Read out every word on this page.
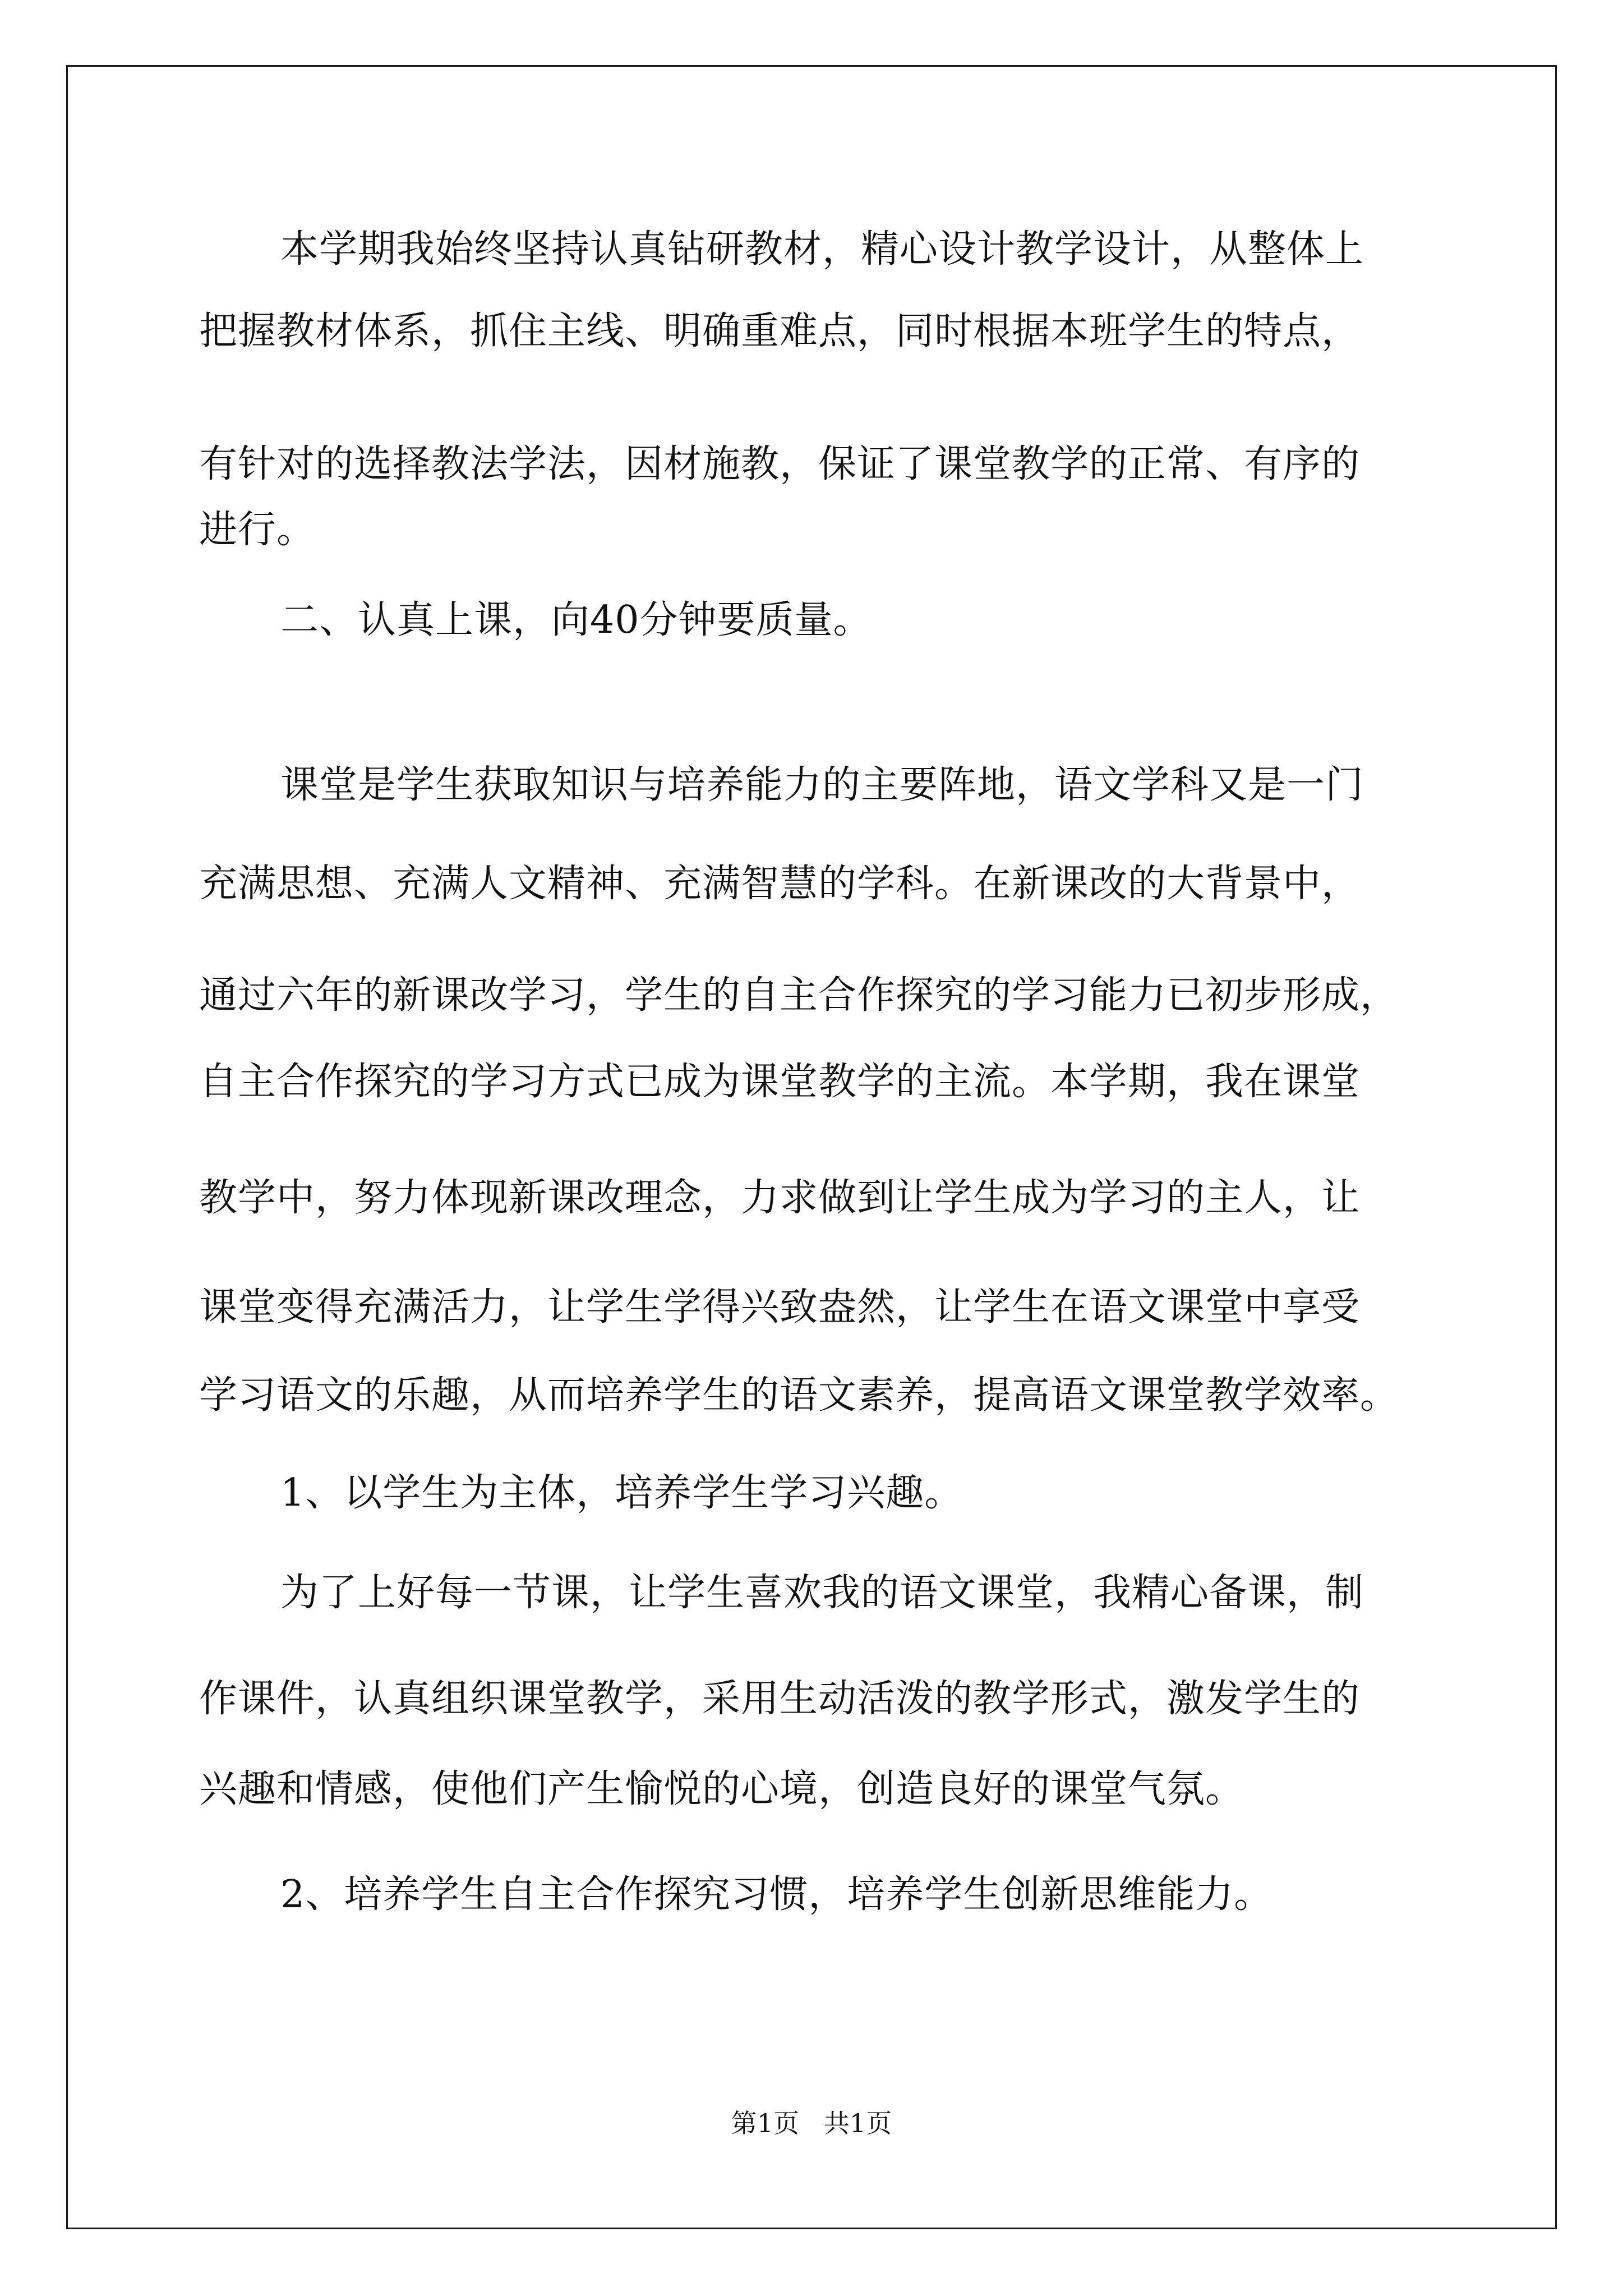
本学期我始终坚持认真钻研教材，精心设计教学设计，从整体上
把握教材体系，抓住主线、明确重难点，同时根据本班学生的特点，
有针对的选择教法学法，因材施教，保证了课堂教学的正常、有序的
进行。
二、认真上课，向40分钟要质量。
课堂是学生获取知识与培养能力的主要阵地，语文学科又是一门
充满思想、充满人文精神、充满智慧的学科。在新课改的大背景中，
通过六年的新课改学习，学生的自主合作探究的学习能力已初步形成，
自主合作探究的学习方式已成为课堂教学的主流。本学期，我在课堂
教学中，努力体现新课改理念，力求做到让学生成为学习的主人，让
课堂变得充满活力，让学生学得兴致盎然，让学生在语文课堂中享受
学习语文的乐趣，从而培养学生的语文素养，提高语文课堂教学效率。
1、以学生为主体，培养学生学习兴趣。
为了上好每一节课，让学生喜欢我的语文课堂，我精心备课，制
作课件，认真组织课堂教学，采用生动活泼的教学形式，激发学生的
兴趣和情感，使他们产生愉悦的心境，创造良好的课堂气氛。
2、培养学生自主合作探究习惯，培养学生创新思维能力。
第1页   共1页
